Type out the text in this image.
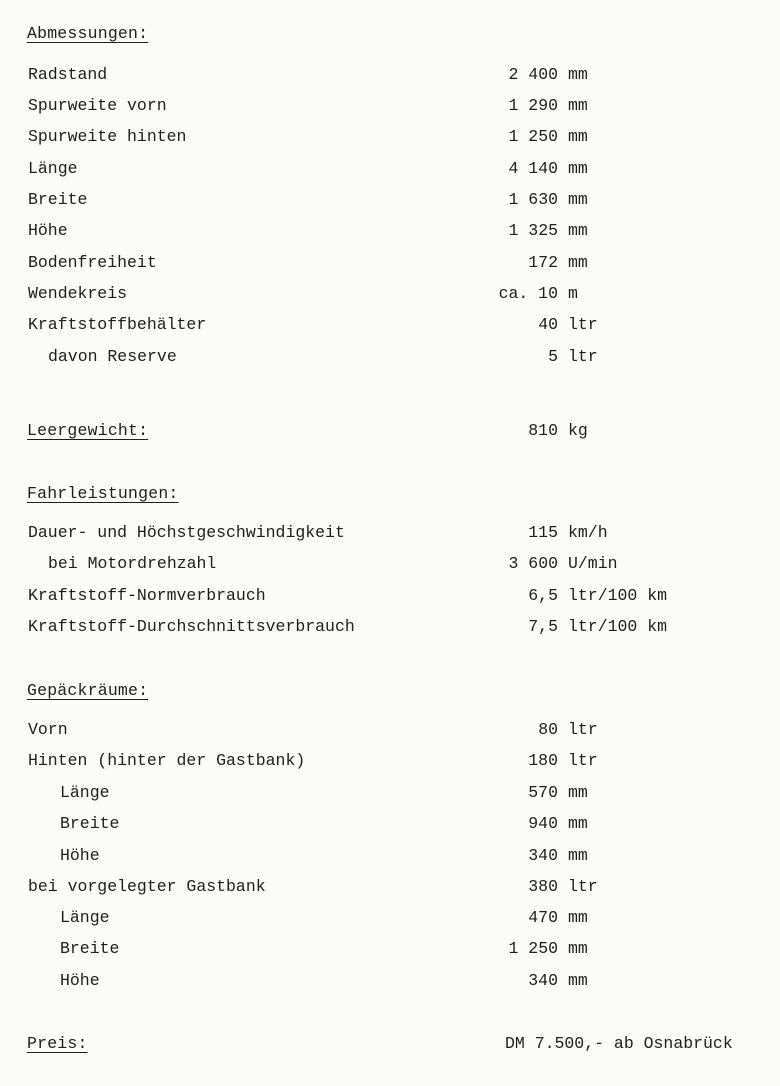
Abmessungen:
Radstand	2 400 mm
Spurweite vorn	1 290 mm
Spurweite hinten	1 250 mm
Länge	4 140 mm
Breite	1 630 mm
Höhe	1 325 mm
Bodenfreiheit	172 mm
Wendekreis	ca. 10 m
Kraftstoffbehälter	40 ltr
davon Reserve	5 ltr
Leergewicht:	810 kg
Fahrleistungen:
Dauer- und Höchstgeschwindigkeit	115 km/h
bei Motordrehzahl	3 600 U/min
Kraftstoff-Normverbrauch	6,5 ltr/100 km
Kraftstoff-Durchschnittsverbrauch	7,5 ltr/100 km
Gepäckräume:
Vorn	80 ltr
Hinten (hinter der Gastbank)	180 ltr
Länge	570 mm
Breite	940 mm
Höhe	340 mm
bei vorgelegter Gastbank	380 ltr
Länge	470 mm
Breite	1 250 mm
Höhe	340 mm
Preis:	DM 7.500,- ab Osnabrück
